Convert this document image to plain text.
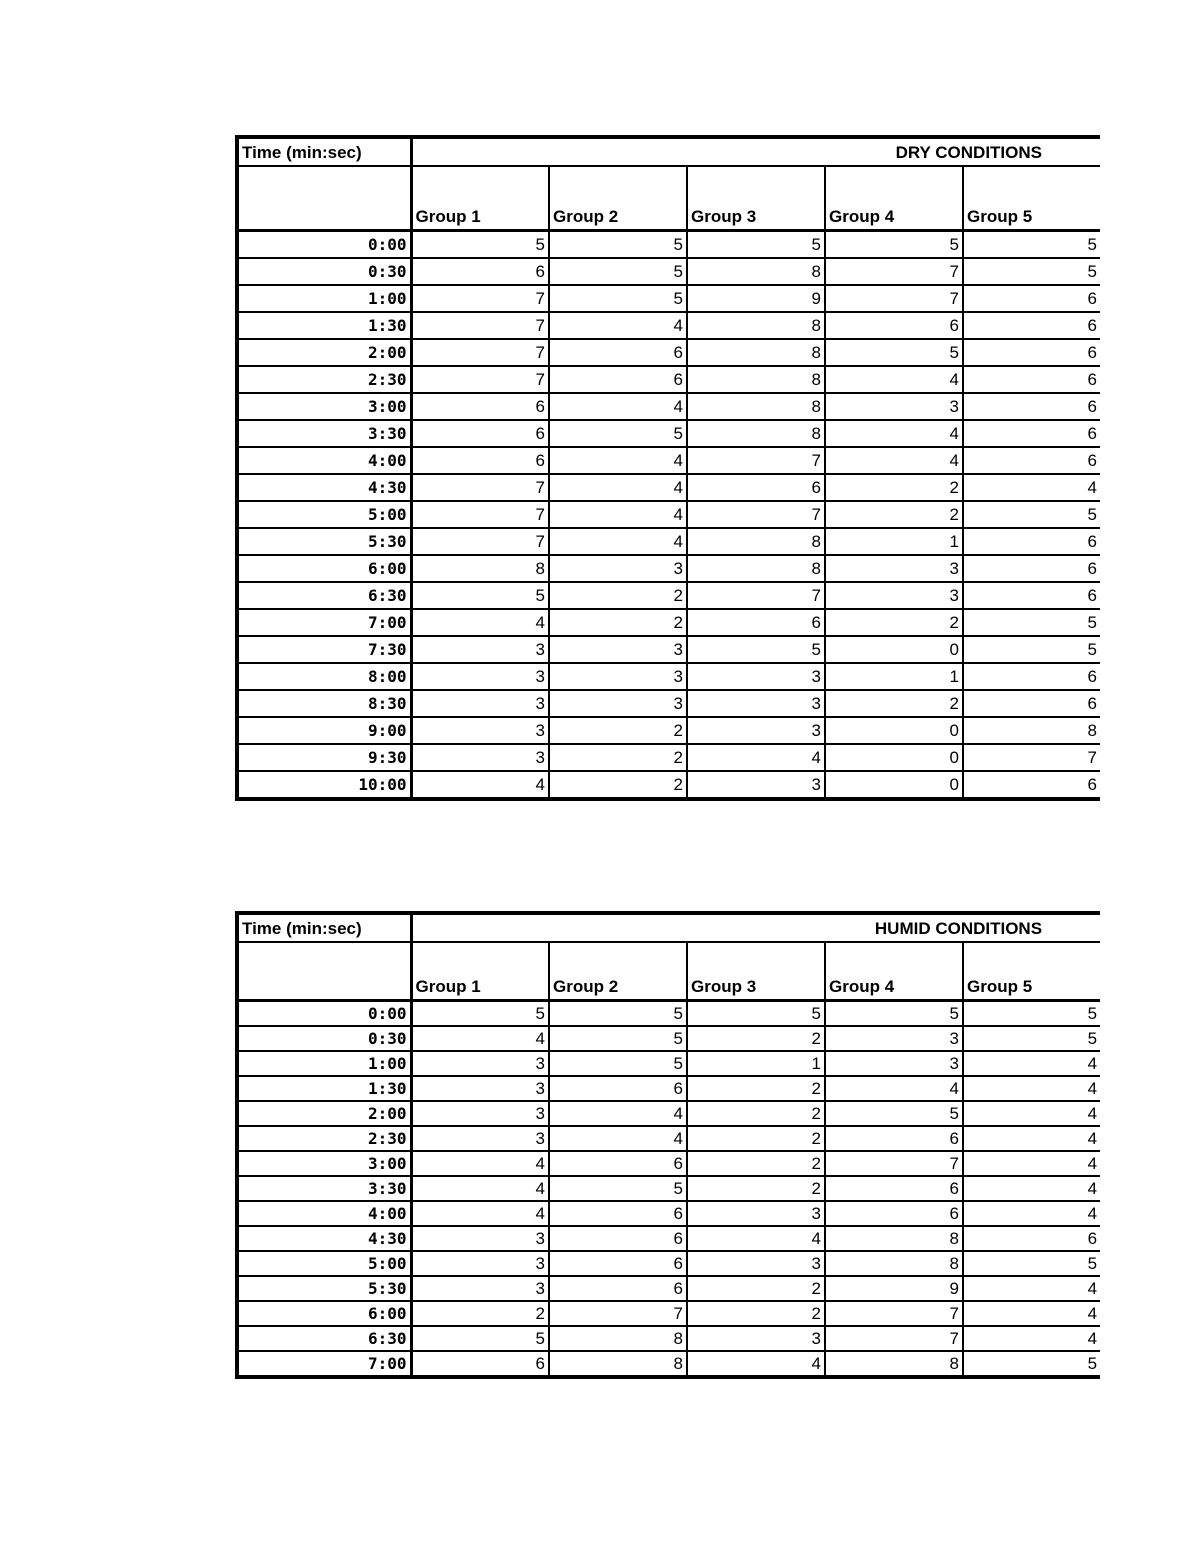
Time (min:sec)	DRY CONDITIONS				
	Group 1	Group 2	Group 3	Group 4	Group 5
0:00	5	5	5	5	5
0:30	6	5	8	7	5
1:00	7	5	9	7	6
1:30	7	4	8	6	6
2:00	7	6	8	5	6
2:30	7	6	8	4	6
3:00	6	4	8	3	6
3:30	6	5	8	4	6
4:00	6	4	7	4	6
4:30	7	4	6	2	4
5:00	7	4	7	2	5
5:30	7	4	8	1	6
6:00	8	3	8	3	6
6:30	5	2	7	3	6
7:00	4	2	6	2	5
7:30	3	3	5	0	5
8:00	3	3	3	1	6
8:30	3	3	3	2	6
9:00	3	2	3	0	8
9:30	3	2	4	0	7
10:00	4	2	3	0	6
Time (min:sec)	HUMID CONDITIONS				
	Group 1	Group 2	Group 3	Group 4	Group 5
0:00	5	5	5	5	5
0:30	4	5	2	3	5
1:00	3	5	1	3	4
1:30	3	6	2	4	4
2:00	3	4	2	5	4
2:30	3	4	2	6	4
3:00	4	6	2	7	4
3:30	4	5	2	6	4
4:00	4	6	3	6	4
4:30	3	6	4	8	6
5:00	3	6	3	8	5
5:30	3	6	2	9	4
6:00	2	7	2	7	4
6:30	5	8	3	7	4
7:00	6	8	4	8	5
